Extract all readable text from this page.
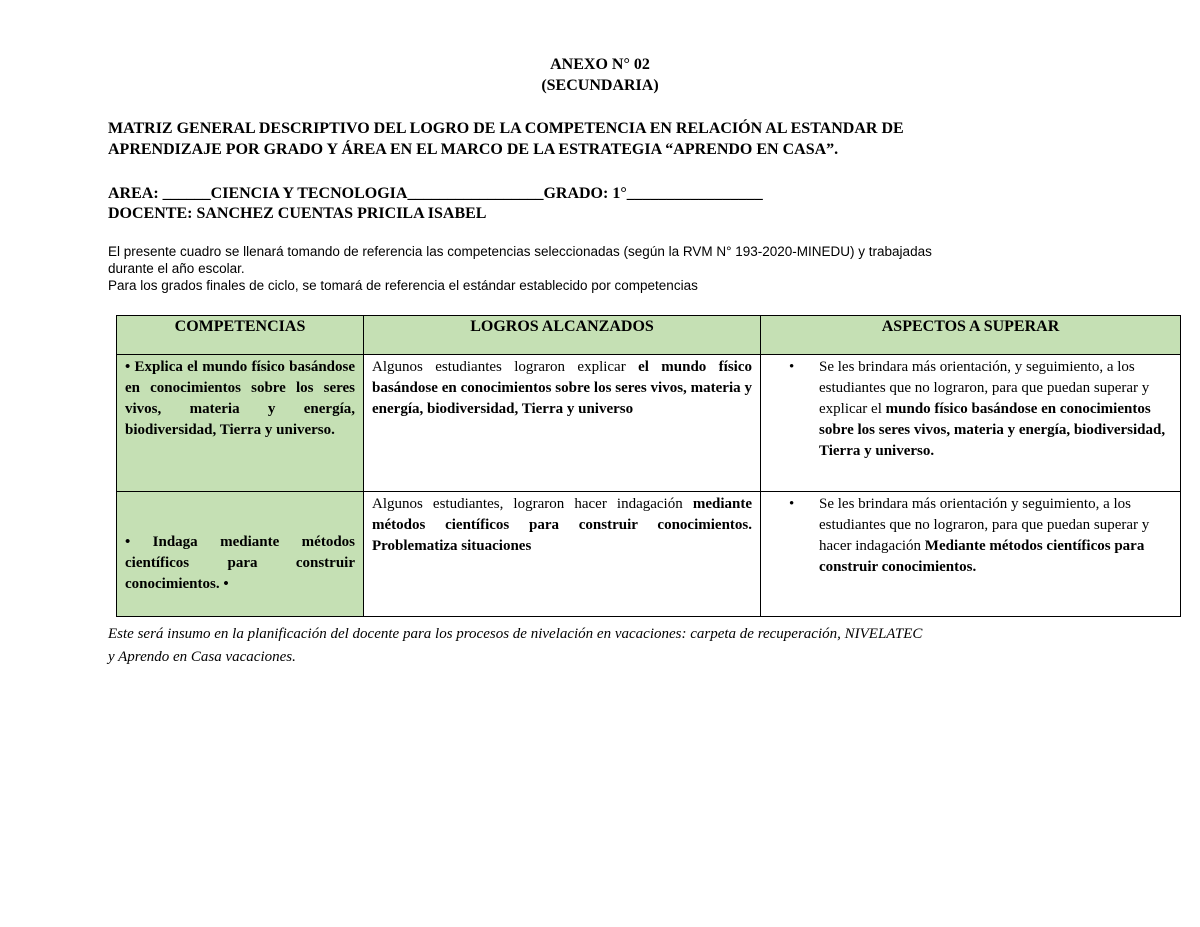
ANEXO N° 02
(SECUNDARIA)
MATRIZ GENERAL DESCRIPTIVO DEL LOGRO DE LA COMPETENCIA EN RELACIÓN AL ESTANDAR DE
APRENDIZAJE POR GRADO Y ÁREA EN EL MARCO DE LA ESTRATEGIA “APRENDO EN CASA”.
AREA: ______CIENCIA Y TECNOLOGIA_________________GRADO: 1°_________________
DOCENTE: SANCHEZ CUENTAS PRICILA ISABEL
El presente cuadro se llenará tomando de referencia las competencias seleccionadas (según la RVM N° 193-2020-MINEDU) y trabajadas
durante el año escolar.
Para los grados finales de ciclo, se tomará de referencia el estándar establecido por competencias
COMPETENCIAS	LOGROS ALCANZADOS	ASPECTOS A SUPERAR
• Explica el mundo físico basándose en conocimientos sobre los seres vivos, materia y energía, biodiversidad, Tierra y universo.	Algunos estudiantes lograron explicar el mundo físico basándose en conocimientos sobre los seres vivos, materia y energía, biodiversidad, Tierra y universo	• Se les brindara más orientación, y seguimiento, a los estudiantes que no lograron, para que puedan superar y explicar el mundo físico basándose en conocimientos sobre los seres vivos, materia y energía, biodiversidad, Tierra y universo.

• Indaga mediante métodos científicos para construir conocimientos. •	Algunos estudiantes, lograron hacer indagación mediante métodos científicos para construir conocimientos. Problematiza situaciones	• Se les brindara más orientación y seguimiento, a los estudiantes que no lograron, para que puedan superar y hacer indagación Mediante métodos científicos para construir conocimientos.
Este será insumo en la planificación del docente para los procesos de nivelación en vacaciones: carpeta de recuperación, NIVELATEC
y Aprendo en Casa vacaciones.
